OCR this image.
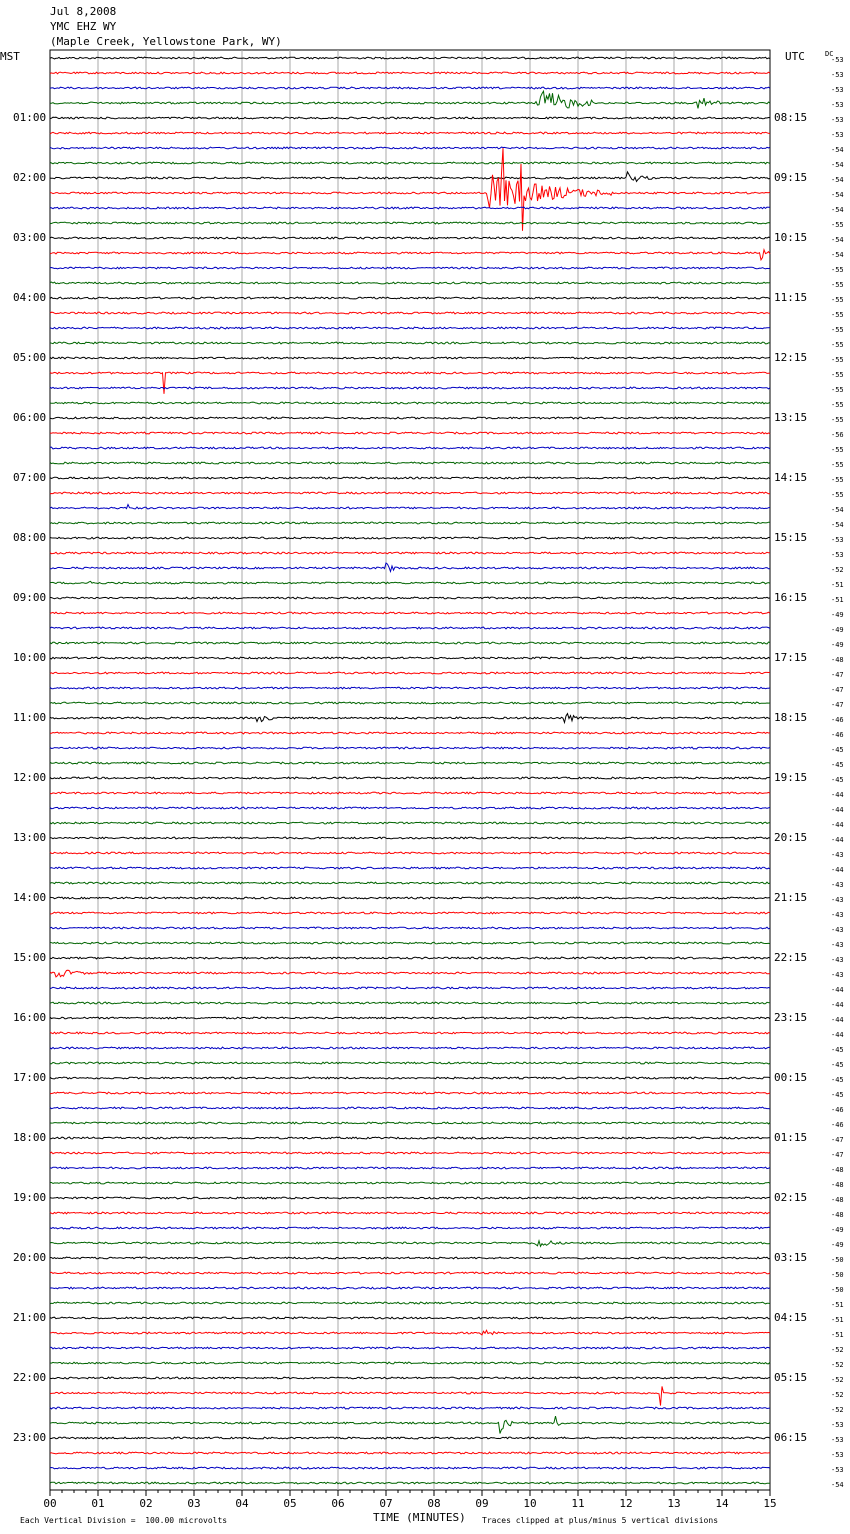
00	01	02	03	04	05	06	07	08	09	10	11	12	13	14	15
Jul 8,2008
YMC EHZ WY
(Maple Creek, Yellowstone Park, WY)
MST	UTC	DC
01:00
02:00
03:00
04:00
05:00
06:00
07:00
08:00
09:00
10:00
11:00
12:00
13:00
14:00
15:00
16:00
17:00
18:00
19:00
20:00
21:00
22:00
23:00
08:15
09:15
10:15
11:15
12:15
13:15
14:15
15:15
16:15
17:15
18:15
19:15
20:15
21:15
22:15
23:15
00:15
01:15
02:15
03:15
04:15
05:15
06:15
-53
-53
-53
-53
-53
-53
-54
-54
-54
-54
-54
-55
-54
-54
-55
-55
-55
-55
-55
-55
-55
-55
-55
-55
-55
-56
-55
-55
-55
-55
-54
-54
-53
-53
-52
-51
-51
-49
-49
-49
-48
-47
-47
-47
-46
-46
-45
-45
-45
-44
-44
-44
-44
-43
-44
-43
-43
-43
-43
-43
-43
-43
-44
-44
-44
-44
-45
-45
-45
-45
-46
-46
-47
-47
-48
-48
-48
-48
-49
-49
-50
-50
-50
-51
-51
-51
-52
-52
-52
-52
-52
-53
-53
-53
-53
-54
TIME (MINUTES)
Each Vertical Division =  100.00 microvolts	Traces clipped at plus/minus 5 vertical divisions
